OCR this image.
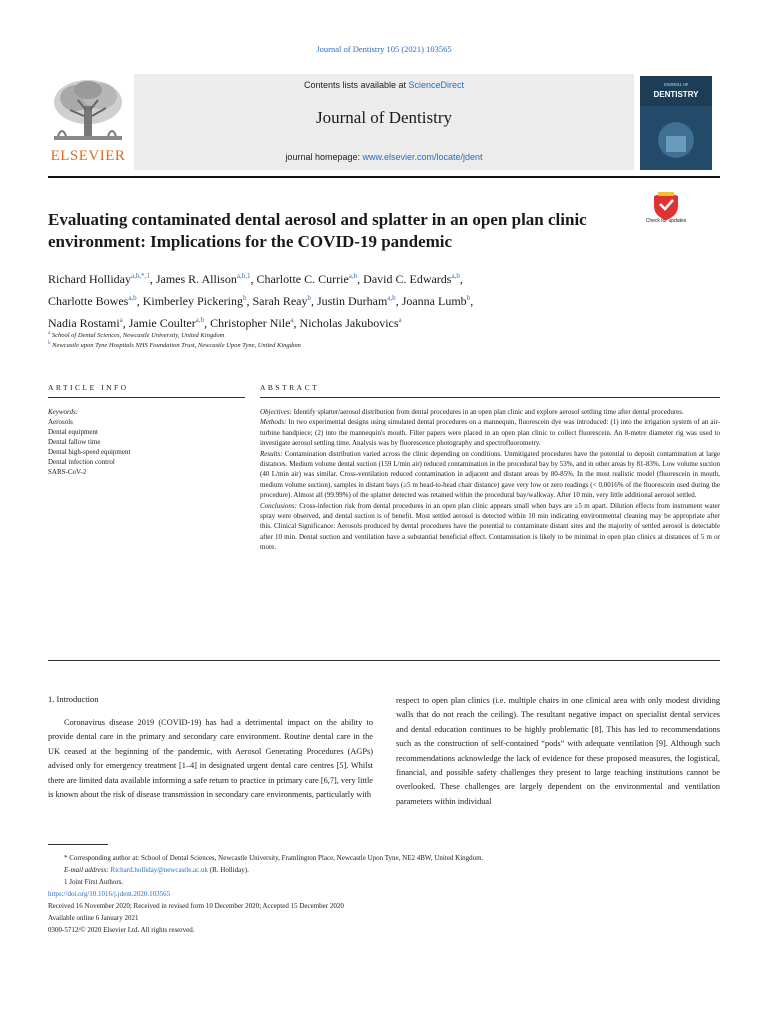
Journal of Dentistry 105 (2021) 103565
Contents lists available at ScienceDirect
Journal of Dentistry
journal homepage: www.elsevier.com/locate/jdent
ELSEVIER
JOURNAL OF
DENTISTRY
Evaluating contaminated dental aerosol and splatter in an open plan clinic
environment: Implications for the COVID-19 pandemic
Check for updates
Richard Holliday$^{a,b,*,1}$, James R. Allison$^{a,b,1}$, Charlotte C. Currie$^{a,b}$, David C. Edwards$^{a,b}$,
Charlotte Bowes$^{a,b}$, Kimberley Pickering$^b$, Sarah Reay$^b$, Justin Durham$^{a,b}$, Joanna Lumb$^b$,
Nadia Rostami$^a$, Jamie Coulter$^{a,b}$, Christopher Nile$^a$, Nicholas Jakubovics$^a$
$^a$ School of Dental Sciences, Newcastle University, United Kingdom
$^b$ Newcastle upon Tyne Hospitals NHS Foundation Trust, Newcastle Upon Tyne, United Kingdom
ARTICLE INFO	ABSTRACT
Keywords:
Aerosols
Dental equipment
Dental fallow time
Dental high-speed equipment
Dental infection control
SARS-CoV-2
Objectives: Identify splatter/aerosol distribution from dental procedures in an open plan clinic and explore aerosol settling time after dental procedures.
Methods: In two experimental designs using simulated dental procedures on a mannequin, fluorescein dye was introduced: (1) into the irrigation system of an air-turbine handpiece; (2) into the mannequin's mouth. Filter papers were placed in an open plan clinic to collect fluorescein. An 8-metre diameter rig was used to investigate aerosol settling time. Analysis was by fluorescence photography and spectrofluorometry.
Results: Contamination distribution varied across the clinic depending on conditions. Unmitigated procedures have the potential to deposit contamination at large distances. Medium volume dental suction (159 L/min air) reduced contamination in the procedural bay by 53%, and in other areas by 81-83%. Low volume suction (40 L/min air) was similar. Cross-ventilation reduced contamination in adjacent and distant areas by 80-85%. In the most realistic model (fluorescein in mouth, medium volume suction), samples in distant bays (≥5 m head-to-head chair distance) gave very low or zero readings (< 0.0016% of the fluorescein used during the procedure). Almost all (99.99%) of the splatter detected was retained within the procedural bay/walkway. After 10 min, very little additional aerosol settled.
Conclusions: Cross-infection risk from dental procedures in an open plan clinic appears small when bays are ≥5 m apart. Dilution effects from instrument water spray were observed, and dental suction is of benefit. Most settled aerosol is detected within 10 min indicating environmental cleaning may be appropriate after this. Clinical Significance: Aerosols produced by dental procedures have the potential to contaminate distant sites and the majority of settled aerosol is detectable after 10 min. Dental suction and ventilation have a substantial beneficial effect. Contamination is likely to be minimal in open plan clinics at distances of 5 m or more.
1. Introduction
Coronavirus disease 2019 (COVID-19) has had a detrimental impact on the ability to provide dental care in the primary and secondary care environment. Routine dental care in the UK ceased at the beginning of the pandemic, with Aerosol Generating Procedures (AGPs) advised only for emergency treatment [1–4] in designated urgent dental care centres [5]. Whilst there are limited data available informing a safe return to practice in primary care [6,7], very little is known about the risk of disease transmission in secondary care environments, particularly with
respect to open plan clinics (i.e. multiple chairs in one clinical area with only modest dividing walls that do not reach the ceiling). The resultant negative impact on specialist dental services and dental education continues to be highly problematic [8]. This has led to recommendations such as the construction of self-contained “pods” with adequate ventilation [9]. Although such recommendations acknowledge the lack of evidence for these proposed measures, the logistical, financial, and possible safety challenges they present to large teaching institutions cannot be overlooked. These challenges are largely dependent on the environmental and ventilation parameters within individual

* Corresponding author at: School of Dental Sciences, Newcastle University, Framlington Place, Newcastle Upon Tyne, NE2 4BW, United Kingdom.

E-mail address: Richard.holliday@newcastle.ac.uk (R. Holliday).

1 Joint First Authors.

https://doi.org/10.1016/j.jdent.2020.103565

Received 16 November 2020; Received in revised form 10 December 2020; Accepted 15 December 2020

Available online 6 January 2021

0300-5712/© 2020 Elsevier Ltd. All rights reserved.
